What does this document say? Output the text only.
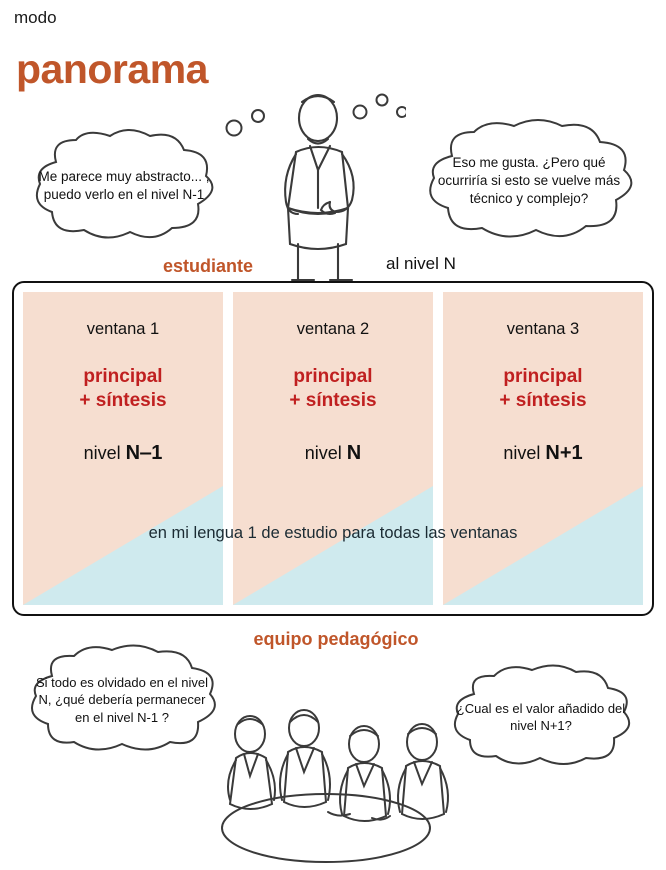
modo
panorama
Me parece muy abstracto... , puedo verlo en el nivel N-1
Eso me gusta. ¿Pero qué ocurriría si esto se vuelve más técnico y complejo?
estudiante	al nivel N
ventana 1
principal
+ síntesis
nivel N‒1
ventana 2
principal
+ síntesis
nivel N
ventana 3
principal
+ síntesis
nivel N+1
en mi lengua 1 de estudio para todas las ventanas
equipo pedagógico
Si todo es olvidado en el nivel N, ¿qué debería permanecer en el nivel N-1 ?
¿Cual es el valor añadido del nivel N+1?
